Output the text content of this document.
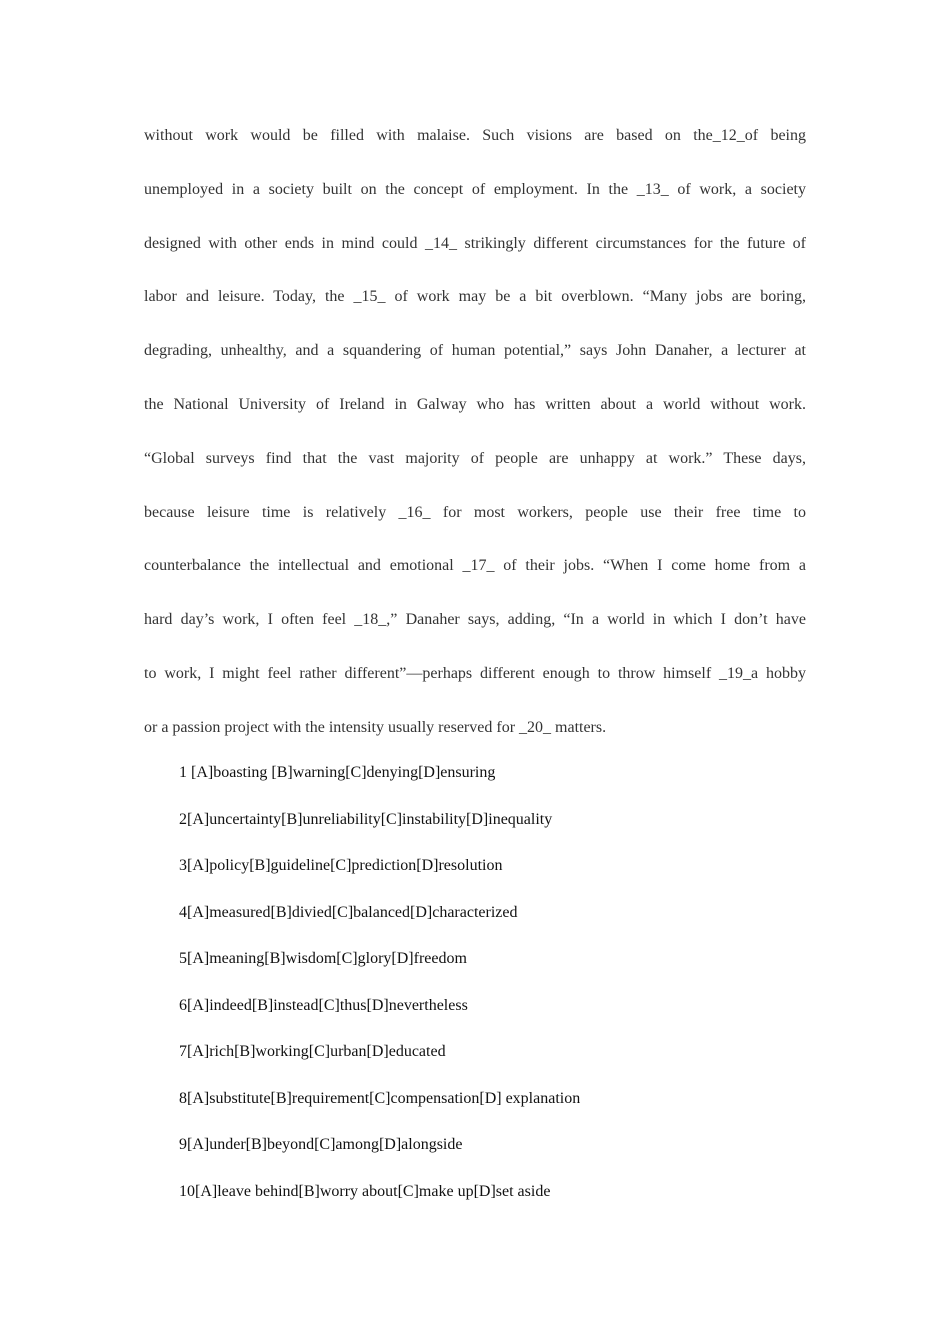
without work would be filled with malaise. Such visions are based on the_12_of being
unemployed in a society built on the concept of employment. In the _13_ of work, a society
designed with other ends in mind could _14_ strikingly different circumstances for the future of
labor and leisure. Today, the _15_ of work may be a bit overblown. “Many jobs are boring,
degrading, unhealthy, and a squandering of human potential,” says John Danaher, a lecturer at
the National University of Ireland in Galway who has written about a world without work.
“Global surveys find that the vast majority of people are unhappy at work.” These days,
because leisure time is relatively _16_ for most workers, people use their free time to
counterbalance the intellectual and emotional _17_ of their jobs. “When I come home from a
hard day’s work, I often feel _18_,” Danaher says, adding, “In a world in which I don’t have
to work, I might feel rather different”—perhaps different enough to throw himself _19_a hobby
or a passion project with the intensity usually reserved for _20_ matters.
1 [A]boasting [B]warning[C]denying[D]ensuring
2[A]uncertainty[B]unreliability[C]instability[D]inequality
3[A]policy[B]guideline[C]prediction[D]resolution
4[A]measured[B]divied[C]balanced[D]characterized
5[A]meaning[B]wisdom[C]glory[D]freedom
6[A]indeed[B]instead[C]thus[D]nevertheless
7[A]rich[B]working[C]urban[D]educated
8[A]substitute[B]requirement[C]compensation[D] explanation
9[A]under[B]beyond[C]among[D]alongside
10[A]leave behind[B]worry about[C]make up[D]set aside
